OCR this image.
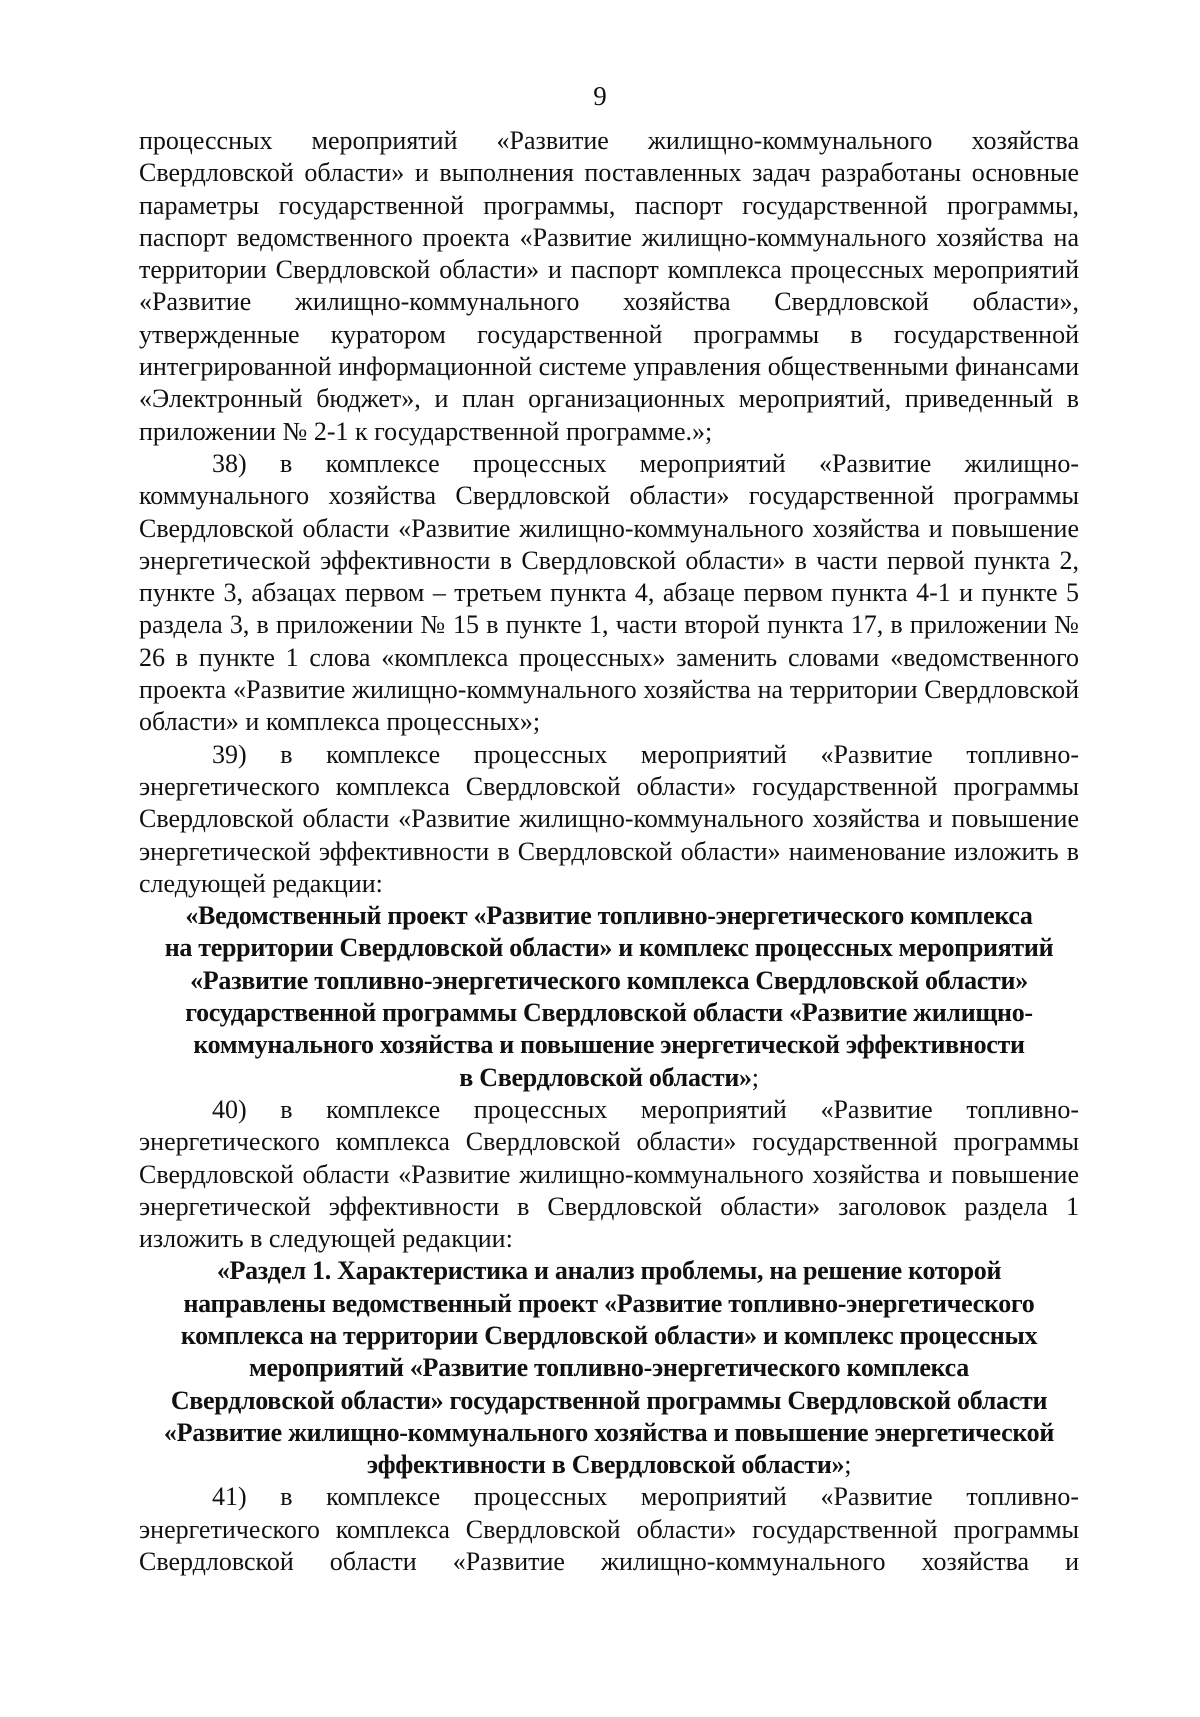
9

процессных мероприятий «Развитие жилищно-коммунального хозяйства Свердловской области» и выполнения поставленных задач разработаны основные параметры государственной программы, паспорт государственной программы, паспорт ведомственного проекта «Развитие жилищно-коммунального хозяйства на территории Свердловской области» и паспорт комплекса процессных мероприятий «Развитие жилищно-коммунального хозяйства Свердловской области», утвержденные куратором государственной программы в государственной интегрированной информационной системе управления общественными финансами «Электронный бюджет», и план организационных мероприятий, приведенный в приложении № 2-1 к государственной программе.»;

38) в комплексе процессных мероприятий «Развитие жилищно-коммунального хозяйства Свердловской области» государственной программы Свердловской области «Развитие жилищно-коммунального хозяйства и повышение энергетической эффективности в Свердловской области» в части первой пункта 2, пункте 3, абзацах первом – третьем пункта 4, абзаце первом пункта 4-1 и пункте 5 раздела 3, в приложении № 15 в пункте 1, части второй пункта 17, в приложении № 26 в пункте 1 слова «комплекса процессных» заменить словами «ведомственного проекта «Развитие жилищно-коммунального хозяйства на территории Свердловской области» и комплекса процессных»;

39) в комплексе процессных мероприятий «Развитие топливно-энергетического комплекса Свердловской области» государственной программы Свердловской области «Развитие жилищно-коммунального хозяйства и повышение энергетической эффективности в Свердловской области» наименование изложить в следующей редакции:

«Ведомственный проект «Развитие топливно-энергетического комплекса
на территории Свердловской области» и комплекс процессных мероприятий
«Развитие топливно-энергетического комплекса Свердловской области»
государственной программы Свердловской области «Развитие жилищно-
коммунального хозяйства и повышение энергетической эффективности
в Свердловской области»;

40) в комплексе процессных мероприятий «Развитие топливно-энергетического комплекса Свердловской области» государственной программы Свердловской области «Развитие жилищно-коммунального хозяйства и повышение энергетической эффективности в Свердловской области» заголовок раздела 1 изложить в следующей редакции:

«Раздел 1. Характеристика и анализ проблемы, на решение которой
направлены ведомственный проект «Развитие топливно-энергетического
комплекса на территории Свердловской области» и комплекс процессных
мероприятий «Развитие топливно-энергетического комплекса
Свердловской области» государственной программы Свердловской области
«Развитие жилищно-коммунального хозяйства и повышение энергетической
эффективности в Свердловской области»;

41) в комплексе процессных мероприятий «Развитие топливно-энергетического комплекса Свердловской области» государственной программы Свердловской области «Развитие жилищно-коммунального хозяйства и
